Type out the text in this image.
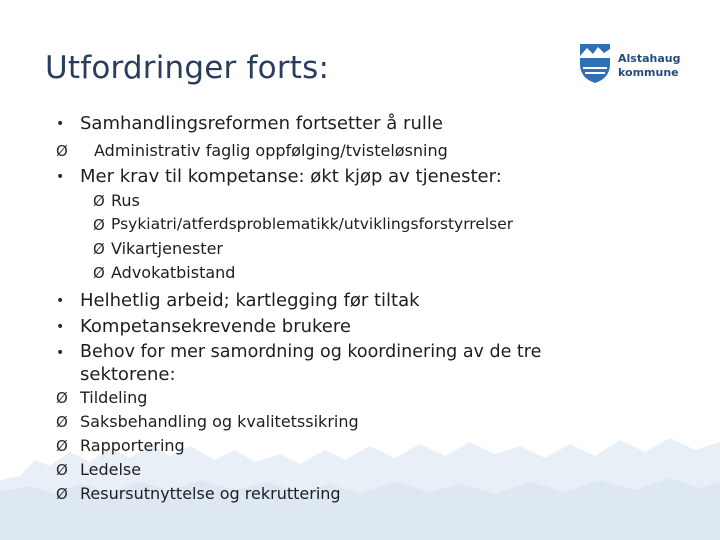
Utfordringer forts:	Alstahaug
kommune
• Samhandlingsreformen fortsetter å rulle
Ø Administrativ faglig oppfølging/tvisteløsning
• Mer krav til kompetanse: økt kjøp av tjenester:
Ø Rus
Ø Psykiatri/atferdsproblematikk/utviklingsforstyrrelser
Ø Vikartjenester
Ø Advokatbistand
• Helhetlig arbeid; kartlegging før tiltak
• Kompetansekrevende brukere
• Behov for mer samordning og koordinering av de tre
sektorene:
Ø Tildeling
Ø Saksbehandling og kvalitetssikring
Ø Rapportering
Ø Ledelse
Ø Resursutnyttelse og rekruttering
